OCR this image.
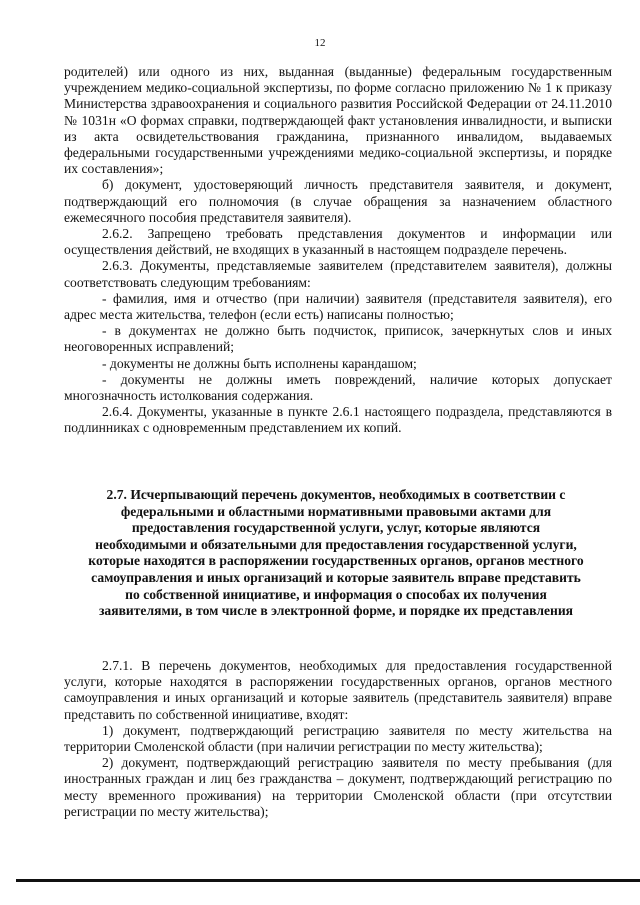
12

родителей) или одного из них, выданная (выданные) федеральным государственным учреждением медико-социальной экспертизы, по форме согласно приложению № 1 к приказу Министерства здравоохранения и социального развития Российской Федерации от 24.11.2010 № 1031н «О формах справки, подтверждающей факт установления инвалидности, и выписки из акта освидетельствования гражданина, признанного инвалидом, выдаваемых федеральными государственными учреждениями медико-социальной экспертизы, и порядке их составления»;

б) документ, удостоверяющий личность представителя заявителя, и документ, подтверждающий его полномочия (в случае обращения за назначением областного ежемесячного пособия представителя заявителя).

2.6.2. Запрещено требовать представления документов и информации или осуществления действий, не входящих в указанный в настоящем подразделе перечень.

2.6.3. Документы, представляемые заявителем (представителем заявителя), должны соответствовать следующим требованиям:

- фамилия, имя и отчество (при наличии) заявителя (представителя заявителя), его адрес места жительства, телефон (если есть) написаны полностью;

- в документах не должно быть подчисток, приписок, зачеркнутых слов и иных неоговоренных исправлений;

- документы не должны быть исполнены карандашом;

- документы не должны иметь повреждений, наличие которых допускает многозначность истолкования содержания.

2.6.4. Документы, указанные в пункте 2.6.1 настоящего подраздела, представляются в подлинниках с одновременным представлением их копий.

2.7. Исчерпывающий перечень документов, необходимых в соответствии с федеральными и областными нормативными правовыми актами для предоставления государственной услуги, услуг, которые являются необходимыми и обязательными для предоставления государственной услуги, которые находятся в распоряжении государственных органов, органов местного самоуправления и иных организаций и которые заявитель вправе представить по собственной инициативе, и информация о способах их получения заявителями, в том числе в электронной форме, и порядке их представления

2.7.1. В перечень документов, необходимых для предоставления государственной услуги, которые находятся в распоряжении государственных органов, органов местного самоуправления и иных организаций и которые заявитель (представитель заявителя) вправе представить по собственной инициативе, входят:

1) документ, подтверждающий регистрацию заявителя по месту жительства на территории Смоленской области (при наличии регистрации по месту жительства);

2) документ, подтверждающий регистрацию заявителя по месту пребывания (для иностранных граждан и лиц без гражданства – документ, подтверждающий регистрацию по месту временного проживания) на территории Смоленской области (при отсутствии регистрации по месту жительства);
